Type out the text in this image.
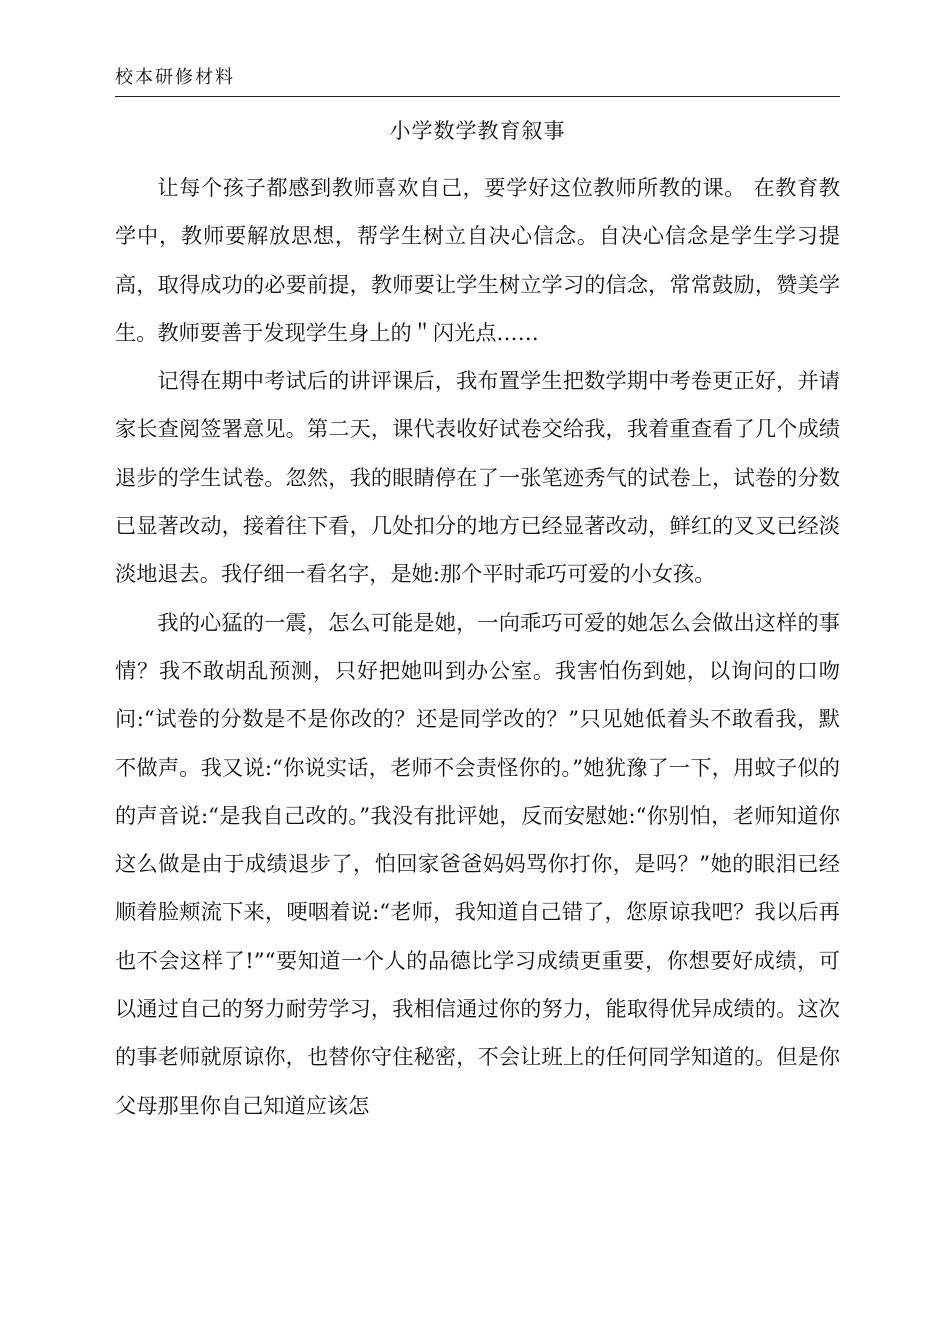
校本研修材料
小学数学教育叙事

让每个孩子都感到教师喜欢自己，要学好这位教师所教的课。 在教育教学中，教师要解放思想，帮学生树立自决心信念。自决心信念是学生学习提高，取得成功的必要前提，教师要让学生树立学习的信念，常常鼓励，赞美学生。教师要善于发现学生身上的＂闪光点……

记得在期中考试后的讲评课后，我布置学生把数学期中考卷更正好，并请家长查阅签署意见。第二天，课代表收好试卷交给我，我着重查看了几个成绩退步的学生试卷。忽然，我的眼睛停在了一张笔迹秀气的试卷上，试卷的分数已显著改动，接着往下看，几处扣分的地方已经显著改动，鲜红的叉叉已经淡淡地退去。我仔细一看名字，是她:那个平时乖巧可爱的小女孩。

我的心猛的一震，怎么可能是她，一向乖巧可爱的她怎么会做出这样的事情？我不敢胡乱预测，只好把她叫到办公室。我害怕伤到她，以询问的口吻问:“试卷的分数是不是你改的？还是同学改的？”只见她低着头不敢看我，默不做声。我又说:“你说实话，老师不会责怪你的。”她犹豫了一下，用蚊子似的的声音说:“是我自己改的。”我没有批评她，反而安慰她:“你别怕，老师知道你这么做是由于成绩退步了，怕回家爸爸妈妈骂你打你，是吗？”她的眼泪已经顺着脸颊流下来，哽咽着说:“老师，我知道自己错了，您原谅我吧？我以后再也不会这样了!”“要知道一个人的品德比学习成绩更重要，你想要好成绩，可以通过自己的努力耐劳学习，我相信通过你的努力，能取得优异成绩的。这次的事老师就原谅你，也替你守住秘密，不会让班上的任何同学知道的。但是你父母那里你自己知道应该怎
